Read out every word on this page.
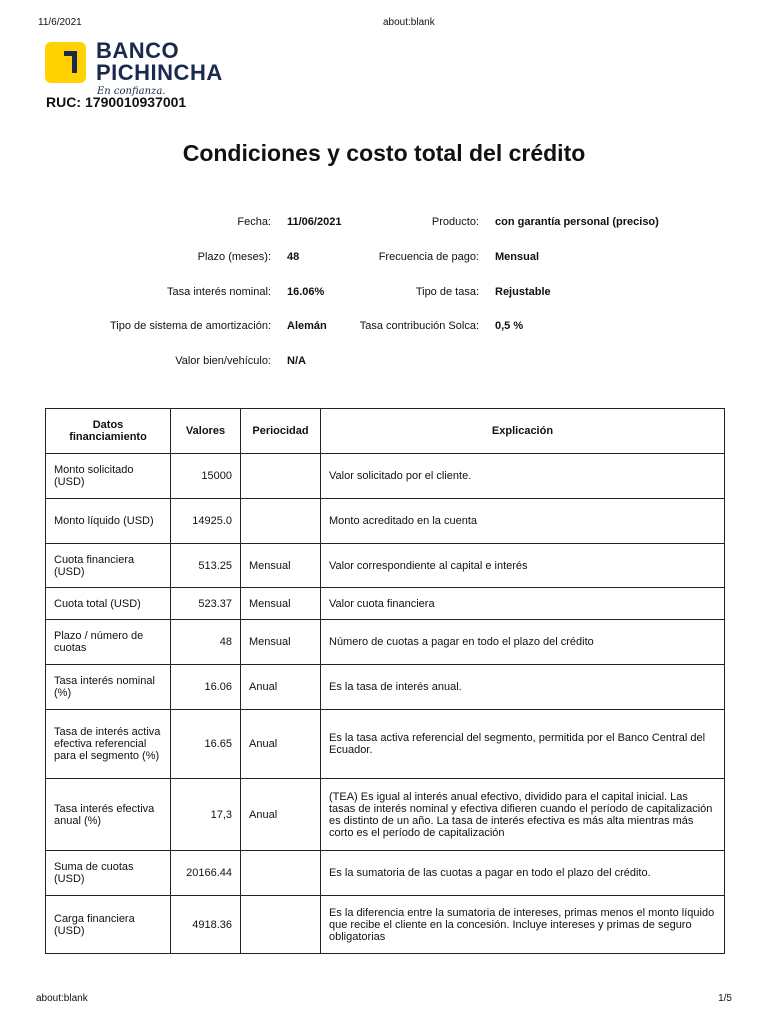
11/6/2021	about:blank
BANCO
PICHINCHA
En confianza.
RUC: 1790010937001
Condiciones y costo total del crédito
Fecha: 11/06/2021	Producto: con garantía personal (preciso)
Plazo (meses): 48	Frecuencia de pago: Mensual
Tasa interés nominal: 16.06%	Tipo de tasa: Rejustable
Tipo de sistema de amortización: Alemán	Tasa contribución Solca: 0,5 %
Valor bien/vehículo: N/A
Datos financiamiento	Valores	Periocidad	Explicación
Monto solicitado (USD)	15000		Valor solicitado por el cliente.
Monto líquido (USD)	14925.0		Monto acreditado en la cuenta
Cuota financiera (USD)	513.25	Mensual	Valor correspondiente al capital e interés
Cuota total (USD)	523.37	Mensual	Valor cuota financiera
Plazo / número de cuotas	48	Mensual	Número de cuotas a pagar en todo el plazo del crédito
Tasa interés nominal (%)	16.06	Anual	Es la tasa de interés anual.
Tasa de interés activa efectiva referencial para el segmento (%)	16.65	Anual	Es la tasa activa referencial del segmento, permitida por el Banco Central del Ecuador.
Tasa interés efectiva anual (%)	17,3	Anual	(TEA) Es igual al interés anual efectivo, dividido para el capital inicial. Las tasas de interés nominal y efectiva difieren cuando el período de capitalización es distinto de un año. La tasa de interés efectiva es más alta mientras más corto es el período de capitalización
Suma de cuotas (USD)	20166.44		Es la sumatoria de las cuotas a pagar en todo el plazo del crédito.
Carga financiera (USD)	4918.36		Es la diferencia entre la sumatoria de intereses, primas menos el monto líquido que recibe el cliente en la concesión. Incluye intereses y primas de seguro obligatorias
about:blank	1/5
